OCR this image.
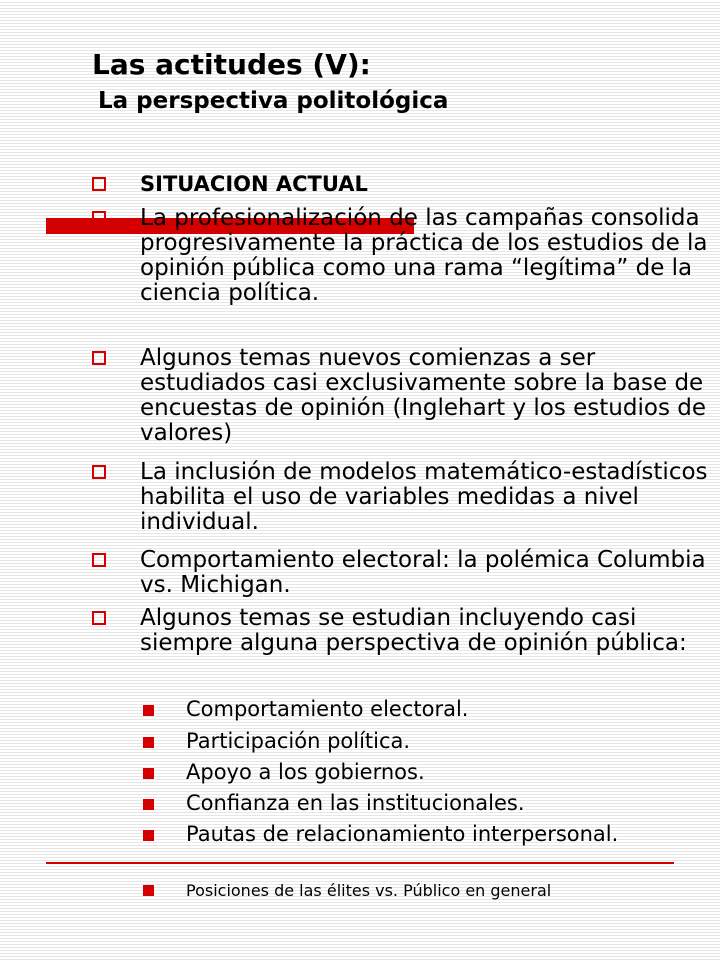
Las actitudes (V):
La perspectiva politológica
SITUACION ACTUAL
La profesionalización de las campañas consolida progresivamente la práctica de los estudios de la opinión pública como una rama “legítima” de la ciencia política.
Algunos temas nuevos comienzas a ser estudiados casi exclusivamente sobre la base de encuestas de opinión (Inglehart y los estudios de valores)
La inclusión de modelos matemático-estadísticos habilita el uso de variables medidas a nivel individual.
Comportamiento electoral: la polémica Columbia vs. Michigan.
Algunos temas se estudian incluyendo casi siempre alguna perspectiva de opinión pública:
Comportamiento electoral.
Participación política.
Apoyo a los gobiernos.
Confianza en las institucionales.
Pautas de relacionamiento interpersonal.
Posiciones de las élites vs. Público en general
